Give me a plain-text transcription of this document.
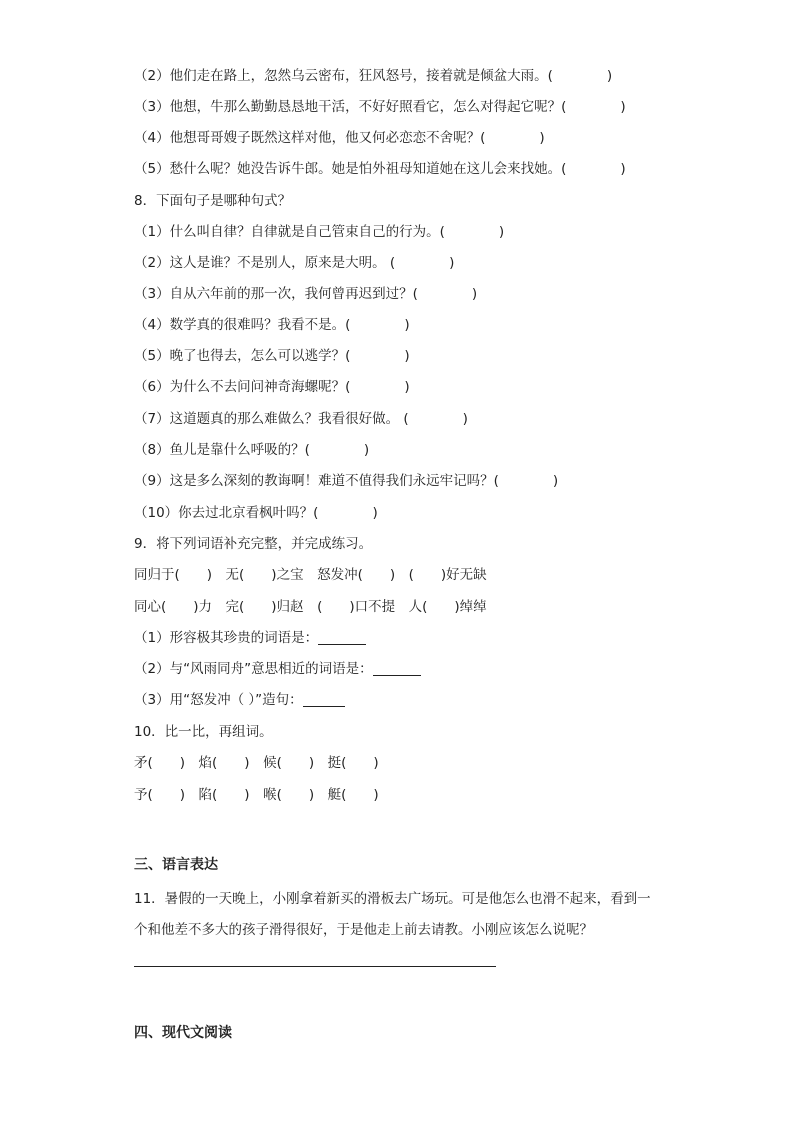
（2）他们走在路上，忽然乌云密布，狂风怒号，接着就是倾盆大雨。(　　　　)
（3）他想，牛那么勤勤恳恳地干活，不好好照看它，怎么对得起它呢？(　　　　)
（4）他想哥哥嫂子既然这样对他，他又何必恋恋不舍呢？(　　　　)
（5）愁什么呢？她没告诉牛郎。她是怕外祖母知道她在这儿会来找她。(　　　　)
8．下面句子是哪种句式？
（1）什么叫自律？自律就是自己管束自己的行为。(　　　　)
（2）这人是谁？不是别人，原来是大明。 (　　　　)
（3）自从六年前的那一次，我何曾再迟到过？(　　　　)
（4）数学真的很难吗？我看不是。(　　　　)
（5）晚了也得去，怎么可以逃学？(　　　　)
（6）为什么不去问问神奇海螺呢？(　　　　)
（7）这道题真的那么难做么？我看很好做。 (　　　　)
（8）鱼儿是靠什么呼吸的？(　　　　)
（9）这是多么深刻的教诲啊！难道不值得我们永远牢记吗？(　　　　)
（10）你去过北京看枫叶吗？(　　　　)
9．将下列词语补充完整，并完成练习。
同归于(　　)　无(　　)之宝　怒发冲(　　)　(　　)好无缺
同心(　　)力　完(　　)归赵　(　　)口不提　人(　　)绰绰
（1）形容极其珍贵的词语是：
（2）与“风雨同舟”意思相近的词语是：
（3）用“怒发冲（ ）”造句：
10．比一比，再组词。
矛(　　)　焰(　　)　候(　　)　挺(　　)
予(　　)　陷(　　)　喉(　　)　艇(　　)
三、语言表达
11．暑假的一天晚上，小刚拿着新买的滑板去广场玩。可是他怎么也滑不起来，看到一
个和他差不多大的孩子滑得很好，于是他走上前去请教。小刚应该怎么说呢？
四、现代文阅读
